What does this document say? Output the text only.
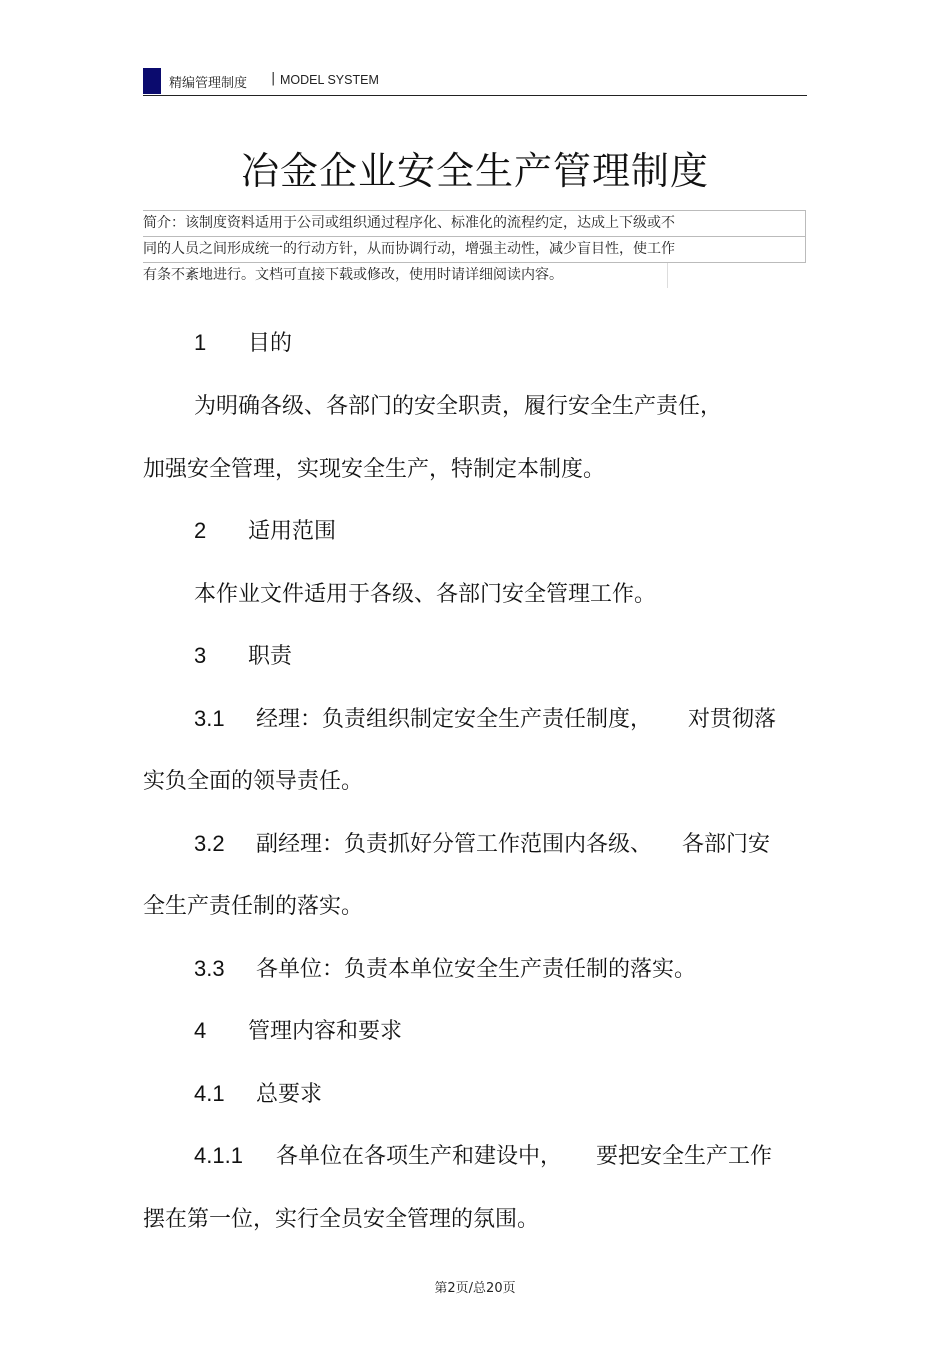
精编管理制度 | MODEL SYSTEM
冶金企业安全生产管理制度
简介：该制度资料适用于公司或组织通过程序化、标准化的流程约定，达成上下级或不
同的人员之间形成统一的行动方针，从而协调行动，增强主动性，减少盲目性，使工作
有条不紊地进行。文档可直接下载或修改，使用时请详细阅读内容。
1 目的
为明确各级、各部门的安全职责，履行安全生产责任，
加强安全管理，实现安全生产，特制定本制度。
2 适用范围
本作业文件适用于各级、各部门安全管理工作。
3 职责
3.1 经理：负责组织制定安全生产责任制度， 对贯彻落
实负全面的领导责任。
3.2 副经理：负责抓好分管工作范围内各级、 各部门安
全生产责任制的落实。
3.3 各单位：负责本单位安全生产责任制的落实。
4 管理内容和要求
4.1 总要求
4.1.1 各单位在各项生产和建设中， 要把安全生产工作
摆在第一位，实行全员安全管理的氛围。
第2页/总20页
